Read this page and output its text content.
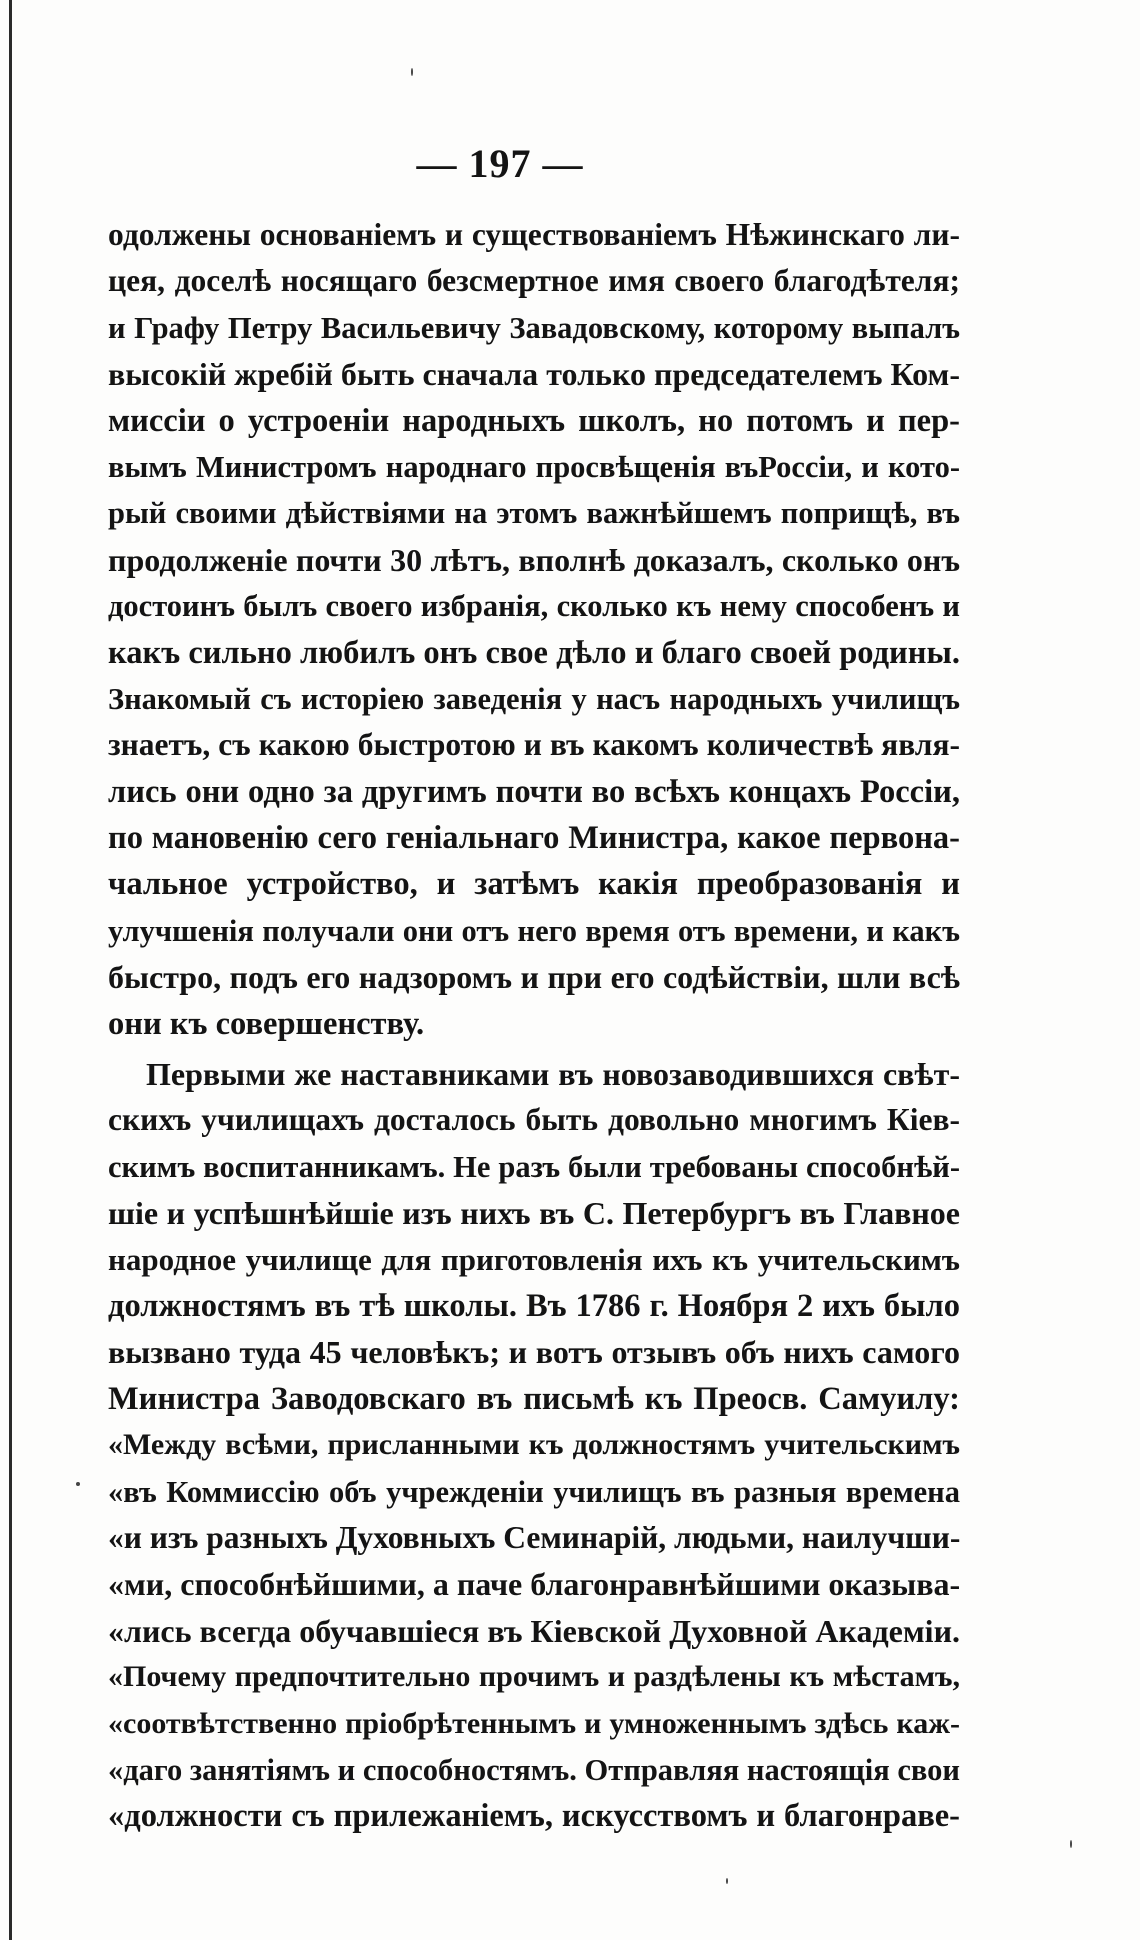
— 197 —
одолжены основаніемъ и существованіемъ Нѣжинскаго ли-
цея, доселѣ носящаго безсмертное имя своего благодѣтеля;
и Графу Петру Васильевичу Завадовскому, которому выпалъ
высокій жребій быть сначала только председателемъ Ком-
миссіи о устроеніи народныхъ школъ, но потомъ и пер-
вымъ Министромъ народнаго просвѣщенія въРоссіи, и кото-
рый своими дѣйствіями на этомъ важнѣйшемъ поприщѣ, въ
продолженіе почти 30 лѣтъ, вполнѣ доказалъ, сколько онъ
достоинъ былъ своего избранія, сколько къ нему способенъ и
какъ сильно любилъ онъ свое дѣло и благо своей родины.
Знакомый съ исторіею заведенія у насъ народныхъ училищъ
знаетъ, съ какою быстротою и въ какомъ количествѣ явля-
лись они одно за другимъ почти во всѣхъ концахъ Россіи,
по мановенію сего геніальнаго Министра, какое первона-
чальное устройство, и затѣмъ какія преобразованія и
улучшенія получали они отъ него время отъ времени, и какъ
быстро, подъ его надзоромъ и при его содѣйствіи, шли всѣ
они къ совершенству.
Первыми же наставниками въ новозаводившихся свѣт-
скихъ училищахъ досталось быть довольно многимъ Кіев-
скимъ воспитанникамъ. Не разъ были требованы способнѣй-
шіе и успѣшнѣйшіе изъ нихъ въ С. Петербургъ въ Главное
народное училище для приготовленія ихъ къ учительскимъ
должностямъ въ тѣ школы. Въ 1786 г. Ноября 2 ихъ было
вызвано туда 45 человѣкъ; и вотъ отзывъ объ нихъ самого
Министра Заводовскаго въ письмѣ къ Преосв. Самуилу:
«Между всѣми, присланными къ должностямъ учительскимъ
«въ Коммиссію объ учрежденіи училищъ въ разныя времена
«и изъ разныхъ Духовныхъ Семинарій, людьми, наилучши-
«ми, способнѣйшими, а паче благонравнѣйшими оказыва-
«лись всегда обучавшіеся въ Кіевской Духовной Академіи.
«Почему предпочтительно прочимъ и раздѣлены къ мѣстамъ,
«соотвѣтственно пріобрѣтеннымъ и умноженнымъ здѣсь каж-
«даго занятіямъ и способностямъ. Отправляя настоящія свои
«должности съ прилежаніемъ, искусствомъ и благонраве-
